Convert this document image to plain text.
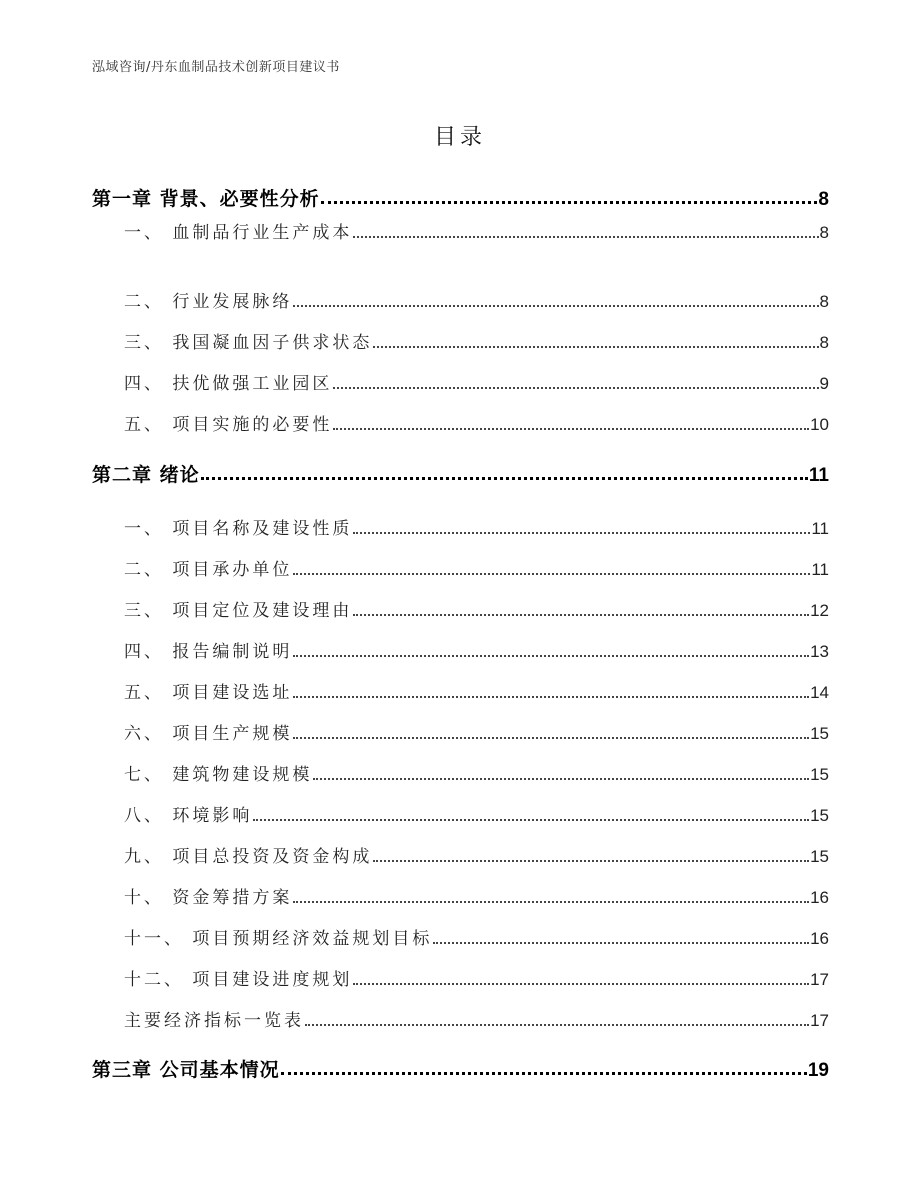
泓域咨询/丹东血制品技术创新项目建议书
目录
第一章 背景、必要性分析	8
一、 血制品行业生产成本	8
二、 行业发展脉络	8
三、 我国凝血因子供求状态	8
四、 扶优做强工业园区	9
五、 项目实施的必要性	10
第二章 绪论	11
一、 项目名称及建设性质	11
二、 项目承办单位	11
三、 项目定位及建设理由	12
四、 报告编制说明	13
五、 项目建设选址	14
六、 项目生产规模	15
七、 建筑物建设规模	15
八、 环境影响	15
九、 项目总投资及资金构成	15
十、 资金筹措方案	16
十一、 项目预期经济效益规划目标	16
十二、 项目建设进度规划	17
主要经济指标一览表	17
第三章 公司基本情况	19
